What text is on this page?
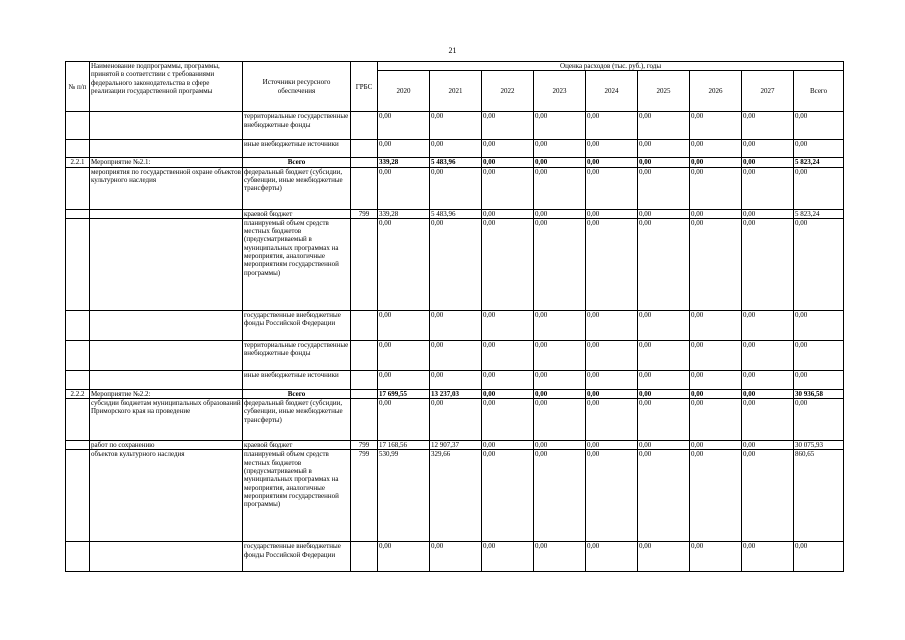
21
№ п/п	Наименование подпрограммы, программы, принятой в соответствии с требованиями федерального законодательства в сфере реализации государственной программы	Источники ресурсного обеспечения	ГРБС	Оценка расходов (тыс. руб.), годы								
				2020	2021	2022	2023	2024	2025	2026	2027	Всего
		территориальные государственные внебюджетные фонды		0,00	0,00	0,00	0,00	0,00	0,00	0,00	0,00	0,00
		иные внебюджетные источники		0,00	0,00	0,00	0,00	0,00	0,00	0,00	0,00	0,00
2.2.1	Мероприятие №2.1:	Всего		339,28	5 483,96	0,00	0,00	0,00	0,00	0,00	0,00	5 823,24
	мероприятия по государственной охране объектов культурного наследия	федеральный бюджет (субсидии, субвенции, иные межбюджетные трансферты)		0,00	0,00	0,00	0,00	0,00	0,00	0,00	0,00	0,00
		краевой бюджет	799	339,28	5 483,96	0,00	0,00	0,00	0,00	0,00	0,00	5 823,24
		планируемый объем средств местных бюджетов (предусматриваемый в муниципальных программах на мероприятия, аналогичные мероприятиям государственной программы)		0,00	0,00	0,00	0,00	0,00	0,00	0,00	0,00	0,00
		государственные внебюджетные фонды Российской Федерации		0,00	0,00	0,00	0,00	0,00	0,00	0,00	0,00	0,00
		территориальные государственные внебюджетные фонды		0,00	0,00	0,00	0,00	0,00	0,00	0,00	0,00	0,00
		иные внебюджетные источники		0,00	0,00	0,00	0,00	0,00	0,00	0,00	0,00	0,00
2.2.2	Мероприятие №2.2:	Всего		17 699,55	13 237,03	0,00	0,00	0,00	0,00	0,00	0,00	30 936,58
	субсидии бюджетам муниципальных образований Приморского края на проведение	федеральный бюджет (субсидии, субвенции, иные межбюджетные трансферты)		0,00	0,00	0,00	0,00	0,00	0,00	0,00	0,00	0,00
	работ по сохранению	краевой бюджет	799	17 168,56	12 907,37	0,00	0,00	0,00	0,00	0,00	0,00	30 075,93
	объектов культурного наследия	планируемый объем средств местных бюджетов (предусматриваемый в муниципальных программах на мероприятия, аналогичные мероприятиям государственной программы)	799	530,99	329,66	0,00	0,00	0,00	0,00	0,00	0,00	860,65
		государственные внебюджетные фонды Российской Федерации		0,00	0,00	0,00	0,00	0,00	0,00	0,00	0,00	0,00
